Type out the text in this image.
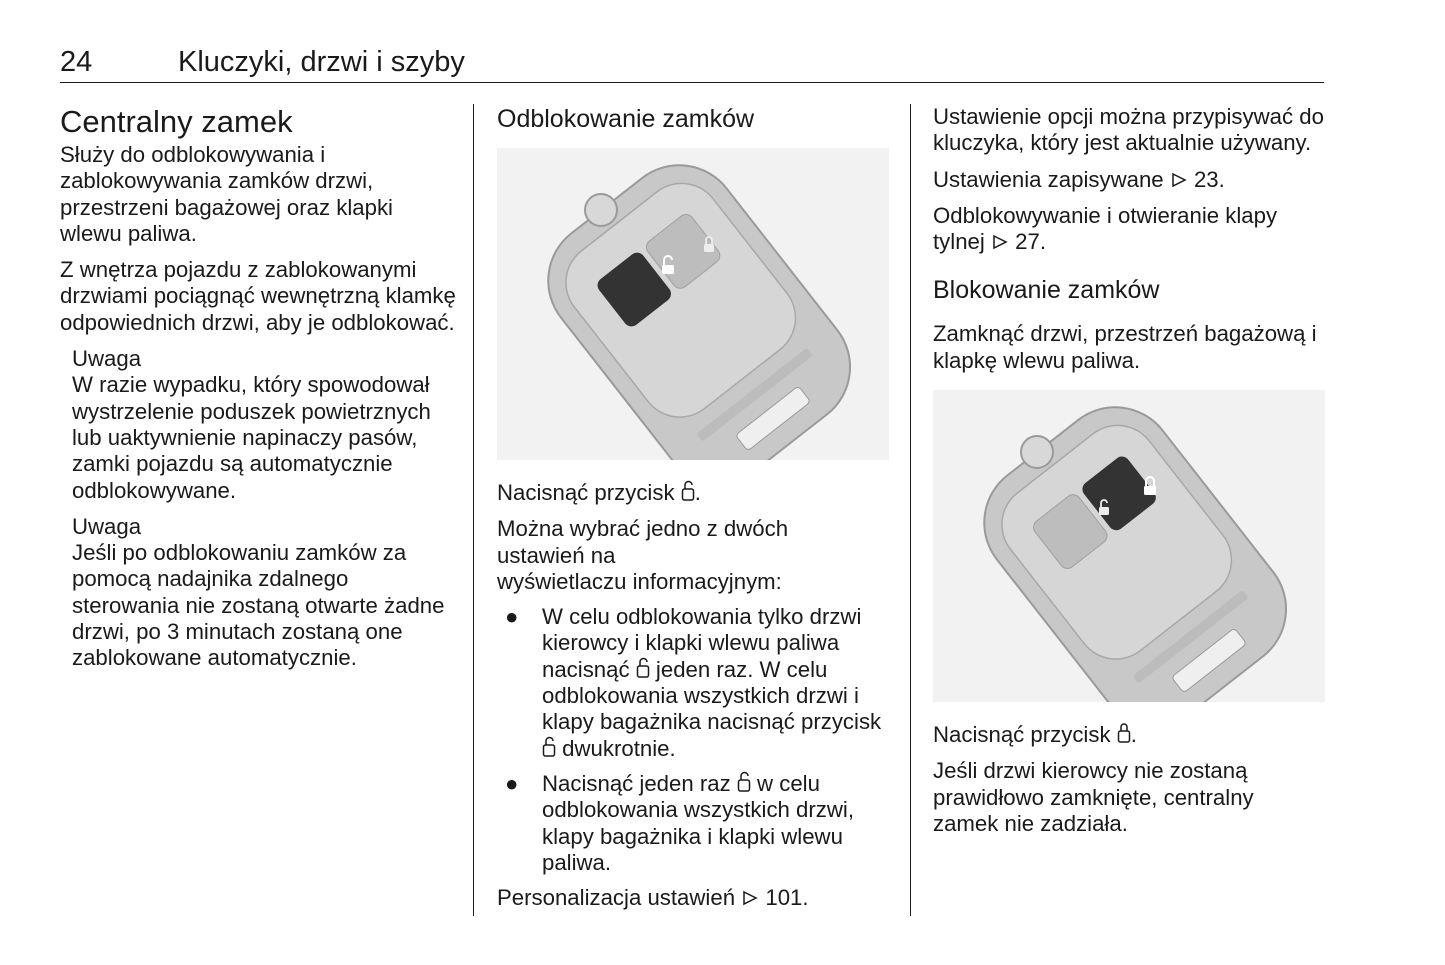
24	Kluczyki, drzwi i szyby
Centralny zamek

Służy do odblokowywania i zablokowywania zamków drzwi, przestrzeni bagażowej oraz klapki wlewu paliwa.

Z wnętrza pojazdu z zablokowanymi drzwiami pociągnąć wewnętrzną klamkę odpowiednich drzwi, aby je odblokować.

Uwaga

W razie wypadku, który spowodował wystrzelenie poduszek powietrznych lub uaktywnienie napinaczy pasów, zamki pojazdu są automatycznie odblokowywane.

Uwaga

Jeśli po odblokowaniu zamków za pomocą nadajnika zdalnego sterowania nie zostaną otwarte żadne drzwi, po 3 minutach zostaną one zablokowane automatycznie.

Odblokowanie zamków

Nacisnąć przycisk .

Można wybrać jedno z dwóch
ustawień na
wyświetlaczu informacyjnym:

● W celu odblokowania tylko drzwi kierowcy i klapki wlewu paliwa nacisnąć jeden raz. W celu odblokowania wszystkich drzwi i klapy bagażnika nacisnąć przycisk  dwukrotnie.
● Nacisnąć jeden raz w celu odblokowania wszystkich drzwi, klapy bagażnika i klapki wlewu paliwa.

Personalizacja ustawień 101.

Ustawienie opcji można przypisywać do kluczyka, który jest aktualnie używany.

Ustawienia zapisywane 23.

Odblokowywanie i otwieranie klapy tylnej 27.

Blokowanie zamków

Zamknąć drzwi, przestrzeń bagażową i klapkę wlewu paliwa.

Nacisnąć przycisk .

Jeśli drzwi kierowcy nie zostaną prawidłowo zamknięte, centralny zamek nie zadziała.
